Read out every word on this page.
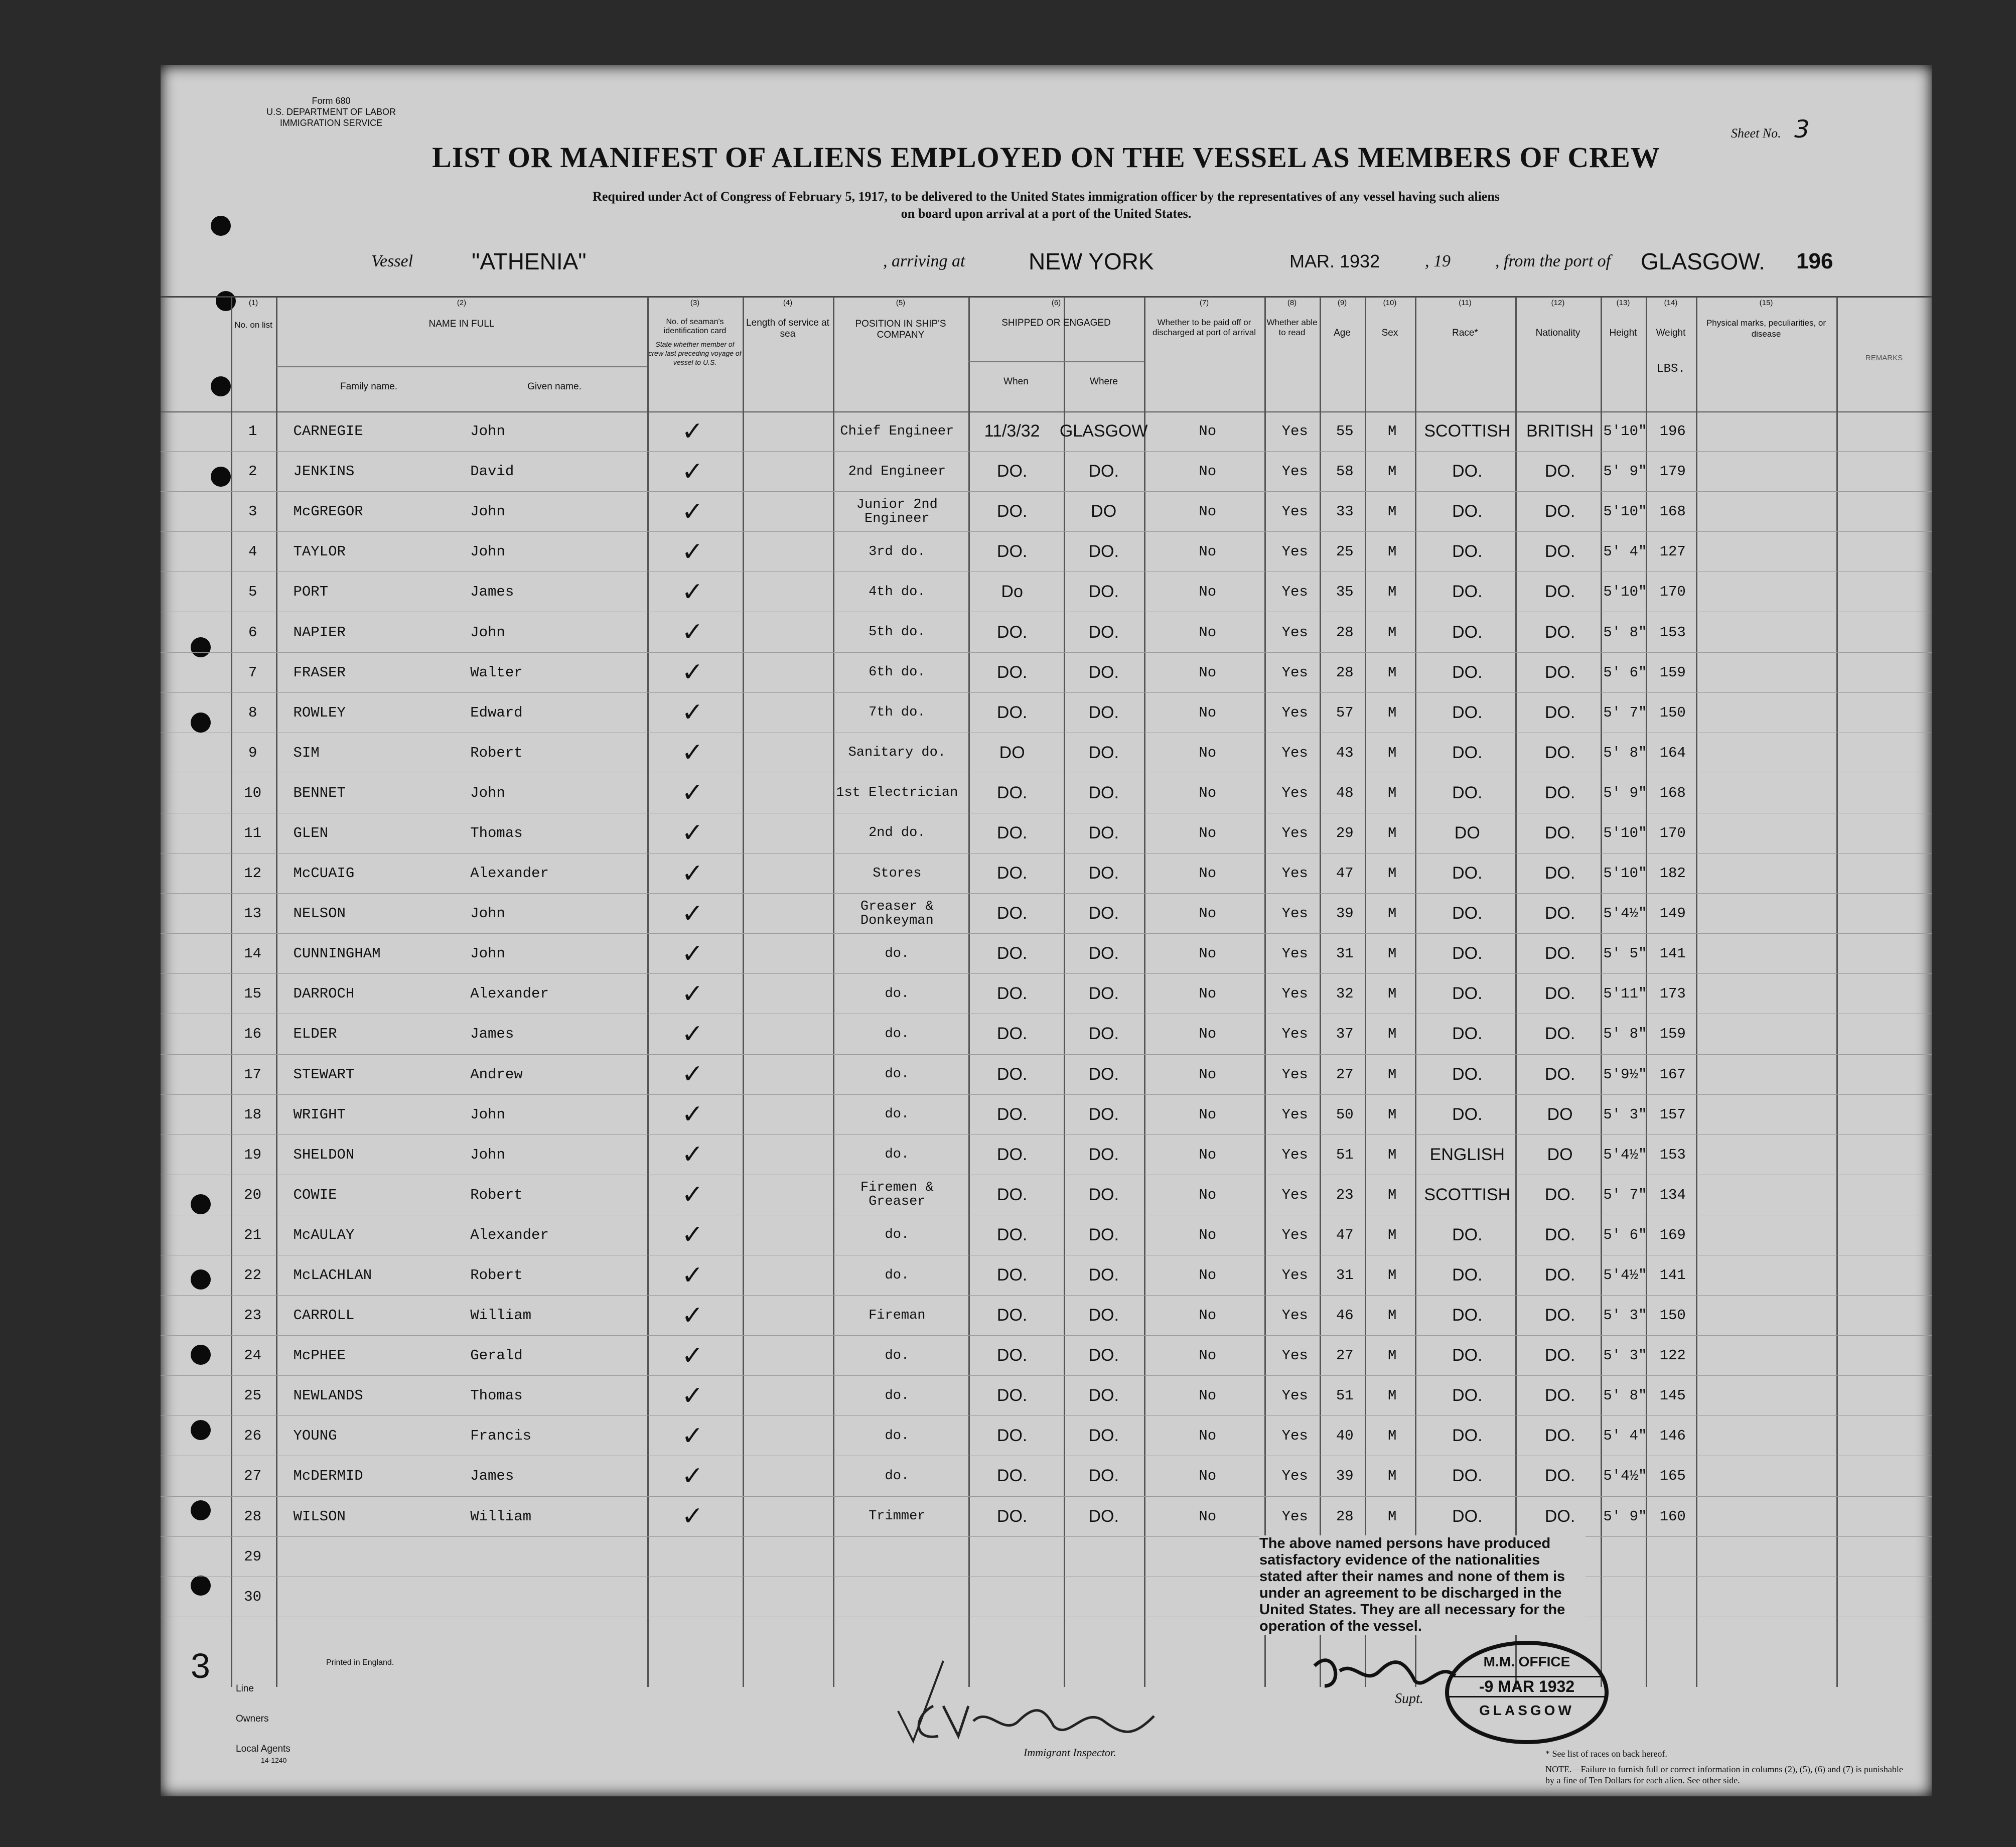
Form 680
U.S. DEPARTMENT OF LABOR
IMMIGRATION SERVICE
Sheet No. 3
LIST OR MANIFEST OF ALIENS EMPLOYED ON THE VESSEL AS MEMBERS OF CREW
Required under Act of Congress of February 5, 1917, to be delivered to the United States immigration officer by the representatives of any vessel having such aliens
on board upon arrival at a port of the United States.
Vessel	"ATHENIA"	, arriving at	NEW YORK	MAR. 1932	, 19	, from the port of GLASGOW. 196
(1)
No. on list
(2)
NAME IN FULL
Family name.	Given name.
(3)
No. of seaman's identification card
State whether member of crew last preceding voyage of vessel to U.S.
(4)
Length of service at sea
(5)
POSITION IN SHIP'S COMPANY
(6)
SHIPPED OR ENGAGED
When	Where
(7)
Whether to be paid off or discharged at port of arrival
(8)
Whether able to read
(9)
Age
(10)
Sex
(11)
Race*
(12)
Nationality
(13)
Height
(14)
Weight
LBS.
(15)
Physical marks, peculiarities, or disease
REMARKS
	1	CARNEGIE	John	✓		Chief Engineer	11/3/32	GLASGOW	No	Yes	55	M	SCOTTISH	BRITISH	5'10"	196		
	2	JENKINS	David	✓		2nd Engineer	DO.	DO.	No	Yes	58	M	DO.	DO.	5' 9"	179		
	3	McGREGOR	John	✓		Junior 2nd Engineer	DO.	DO	No	Yes	33	M	DO.	DO.	5'10"	168		
	4	TAYLOR	John	✓		3rd do.	DO.	DO.	No	Yes	25	M	DO.	DO.	5' 4"	127		
	5	PORT	James	✓		4th do.	Do	DO.	No	Yes	35	M	DO.	DO.	5'10"	170		
	6	NAPIER	John	✓		5th do.	DO.	DO.	No	Yes	28	M	DO.	DO.	5' 8"	153		
	7	FRASER	Walter	✓		6th do.	DO.	DO.	No	Yes	28	M	DO.	DO.	5' 6"	159		
	8	ROWLEY	Edward	✓		7th do.	DO.	DO.	No	Yes	57	M	DO.	DO.	5' 7"	150		
	9	SIM	Robert	✓		Sanitary do.	DO	DO.	No	Yes	43	M	DO.	DO.	5' 8"	164		
	10	BENNET	John	✓		1st Electrician	DO.	DO.	No	Yes	48	M	DO.	DO.	5' 9"	168		
	11	GLEN	Thomas	✓		2nd do.	DO.	DO.	No	Yes	29	M	DO	DO.	5'10"	170		
	12	McCUAIG	Alexander	✓		Stores	DO.	DO.	No	Yes	47	M	DO.	DO.	5'10"	182		
	13	NELSON	John	✓		Greaser & Donkeyman	DO.	DO.	No	Yes	39	M	DO.	DO.	5'4½"	149		
	14	CUNNINGHAM	John	✓		do.	DO.	DO.	No	Yes	31	M	DO.	DO.	5' 5"	141		
	15	DARROCH	Alexander	✓		do.	DO.	DO.	No	Yes	32	M	DO.	DO.	5'11"	173		
	16	ELDER	James	✓		do.	DO.	DO.	No	Yes	37	M	DO.	DO.	5' 8"	159		
	17	STEWART	Andrew	✓		do.	DO.	DO.	No	Yes	27	M	DO.	DO.	5'9½"	167		
	18	WRIGHT	John	✓		do.	DO.	DO.	No	Yes	50	M	DO.	DO	5' 3"	157		
	19	SHELDON	John	✓		do.	DO.	DO.	No	Yes	51	M	ENGLISH	DO	5'4½"	153		
	20	COWIE	Robert	✓		Firemen & Greaser	DO.	DO.	No	Yes	23	M	SCOTTISH	DO.	5' 7"	134		
	21	McAULAY	Alexander	✓		do.	DO.	DO.	No	Yes	47	M	DO.	DO.	5' 6"	169		
	22	McLACHLAN	Robert	✓		do.	DO.	DO.	No	Yes	31	M	DO.	DO.	5'4½"	141		
	23	CARROLL	William	✓		Fireman	DO.	DO.	No	Yes	46	M	DO.	DO.	5' 3"	150		
	24	McPHEE	Gerald	✓		do.	DO.	DO.	No	Yes	27	M	DO.	DO.	5' 3"	122		
	25	NEWLANDS	Thomas	✓		do.	DO.	DO.	No	Yes	51	M	DO.	DO.	5' 8"	145		
	26	YOUNG	Francis	✓		do.	DO.	DO.	No	Yes	40	M	DO.	DO.	5' 4"	146		
	27	McDERMID	James	✓		do.	DO.	DO.	No	Yes	39	M	DO.	DO.	5'4½"	165		
	28	WILSON	William	✓		Trimmer	DO.	DO.	No	Yes	28	M	DO.	DO.	5' 9"	160		
	29																	
	30																	
The above named persons have produced satisfactory evidence of the nationalities stated after their names and none of them is under an agreement to be discharged in the United States. They are all necessary for the operation of the vessel.
M.M. OFFICE
-9 MAR 1932
GLASGOW
Immigrant Inspector.
Supt.
3	Printed in England.
Line
Owners
Local Agents
14-1240
* See list of races on back hereof.
NOTE.—Failure to furnish full or correct information in columns (2), (5), (6) and (7) is punishable by a fine of Ten Dollars for each alien. See other side.
